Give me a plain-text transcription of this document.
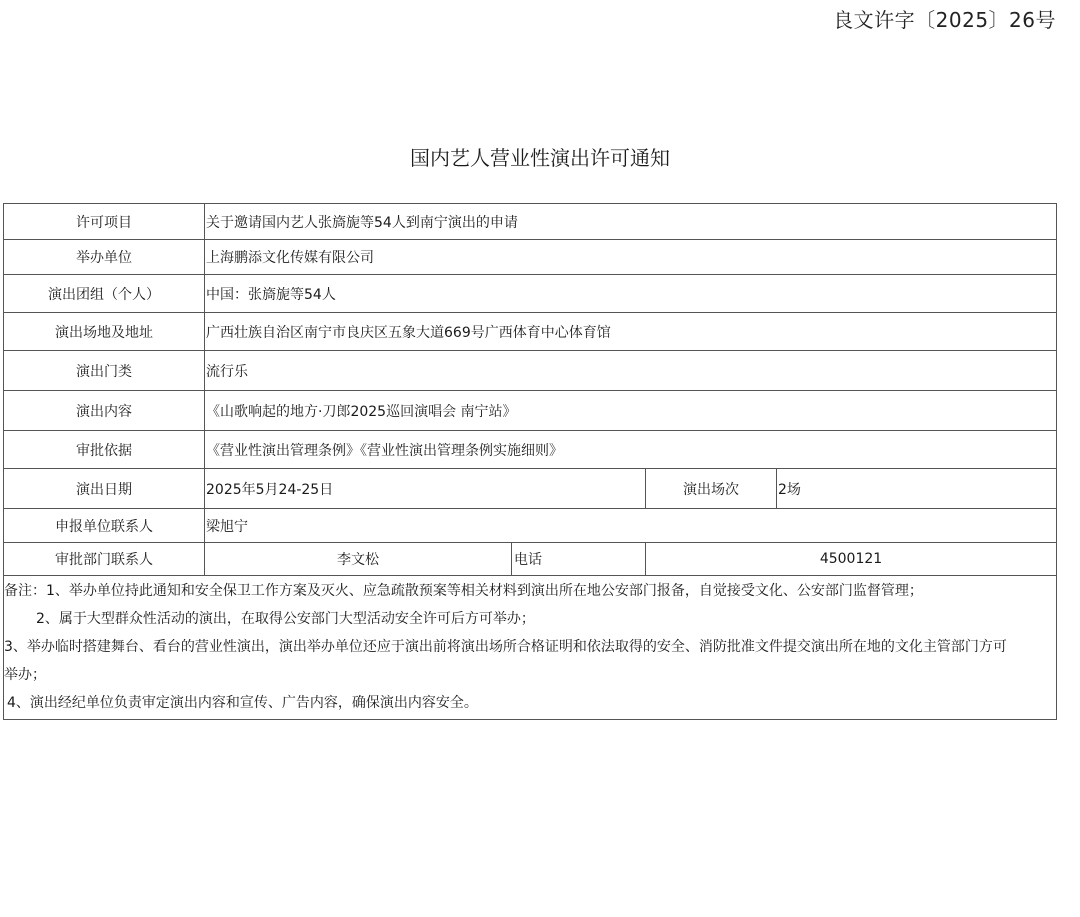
良文许字〔2025〕26号
国内艺人营业性演出许可通知
许可项目	关于邀请国内艺人张旖旎等54人到南宁演出的申请
举办单位	上海鹏添文化传媒有限公司
演出团组（个人）	中国：张旖旎等54人
演出场地及地址	广西壮族自治区南宁市良庆区五象大道669号广西体育中心体育馆
演出门类	流行乐
演出内容	《山歌响起的地方·刀郎2025巡回演唱会 南宁站》
审批依据	《营业性演出管理条例》《营业性演出管理条例实施细则》
演出日期	2025年5月24-25日	演出场次	2场
申报单位联系人	梁旭宁
审批部门联系人	李文松	电话	4500121
备注：1、举办单位持此通知和安全保卫工作方案及灭火、应急疏散预案等相关材料到演出所在地公安部门报备，自觉接受文化、公安部门监督管理；
2、属于大型群众性活动的演出，在取得公安部门大型活动安全许可后方可举办；
3、举办临时搭建舞台、看台的营业性演出，演出举办单位还应于演出前将演出场所合格证明和依法取得的安全、消防批准文件提交演出所在地的文化主管部门方可
举办；
4、演出经纪单位负责审定演出内容和宣传、广告内容，确保演出内容安全。
